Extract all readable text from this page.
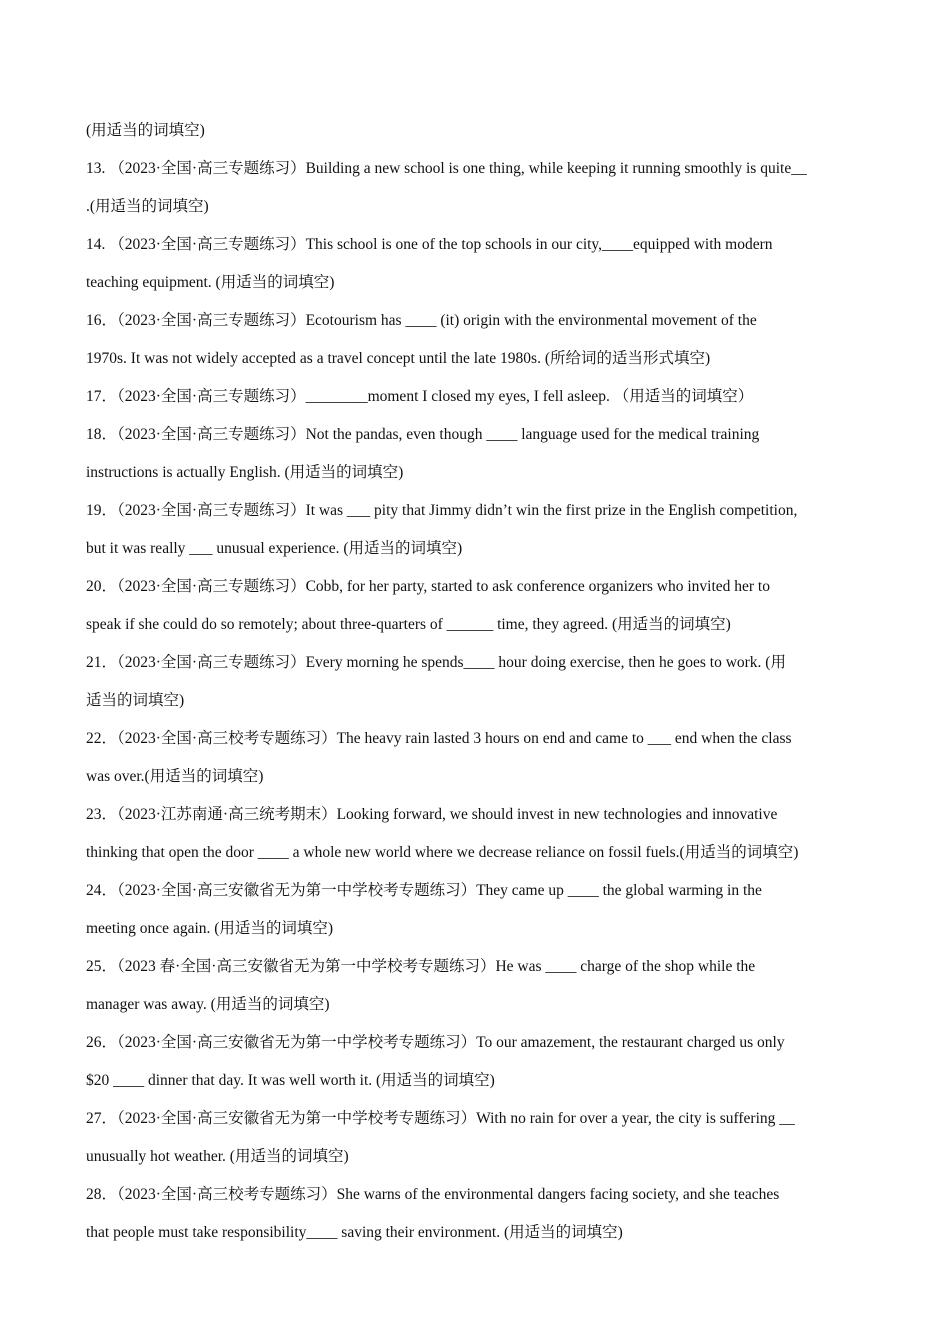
(用适当的词填空)
13. （2023·全国·高三专题练习）Building a new school is one thing, while keeping it running smoothly is quite__
.(用适当的词填空)
14. （2023·全国·高三专题练习）This school is one of the top schools in our city,____equipped with modern
teaching equipment. (用适当的词填空)
16．（2023·全国·高三专题练习）Ecotourism has ____ (it) origin with the environmental movement of the
1970s. It was not widely accepted as a travel concept until the late 1980s. (所给词的适当形式填空)
17．（2023·全国·高三专题练习）________moment I closed my eyes, I fell asleep. （用适当的词填空）
18．（2023·全国·高三专题练习）Not the pandas, even though ____ language used for the medical training
instructions is actually English. (用适当的词填空)
19．（2023·全国·高三专题练习）It was ___ pity that Jimmy didn’t win the first prize in the English competition,
but it was really ___ unusual experience. (用适当的词填空)
20．（2023·全国·高三专题练习）Cobb, for her party, started to ask conference organizers who invited her to
speak if she could do so remotely; about three-quarters of ______ time, they agreed. (用适当的词填空)
21．（2023·全国·高三专题练习）Every morning he spends____ hour doing exercise, then he goes to work. (用
适当的词填空)
22．（2023·全国·高三校考专题练习）The heavy rain lasted 3 hours on end and came to ___ end when the class
was over.(用适当的词填空)
23．（2023·江苏南通·高三统考期末）Looking forward, we should invest in new technologies and innovative
thinking that open the door ____ a whole new world where we decrease reliance on fossil fuels.(用适当的词填空)
24．（2023·全国·高三安徽省无为第一中学校考专题练习）They came up ____ the global warming in the
meeting once again. (用适当的词填空)
25．（2023 春·全国·高三安徽省无为第一中学校考专题练习）He was ____ charge of the shop while the
manager was away. (用适当的词填空)
26．（2023·全国·高三安徽省无为第一中学校考专题练习）To our amazement, the restaurant charged us only
$20 ____ dinner that day. It was well worth it. (用适当的词填空)
27．（2023·全国·高三安徽省无为第一中学校考专题练习）With no rain for over a year, the city is suffering __
unusually hot weather. (用适当的词填空)
28．（2023·全国·高三校考专题练习）She warns of the environmental dangers facing society, and she teaches
that people must take responsibility____ saving their environment. (用适当的词填空)
